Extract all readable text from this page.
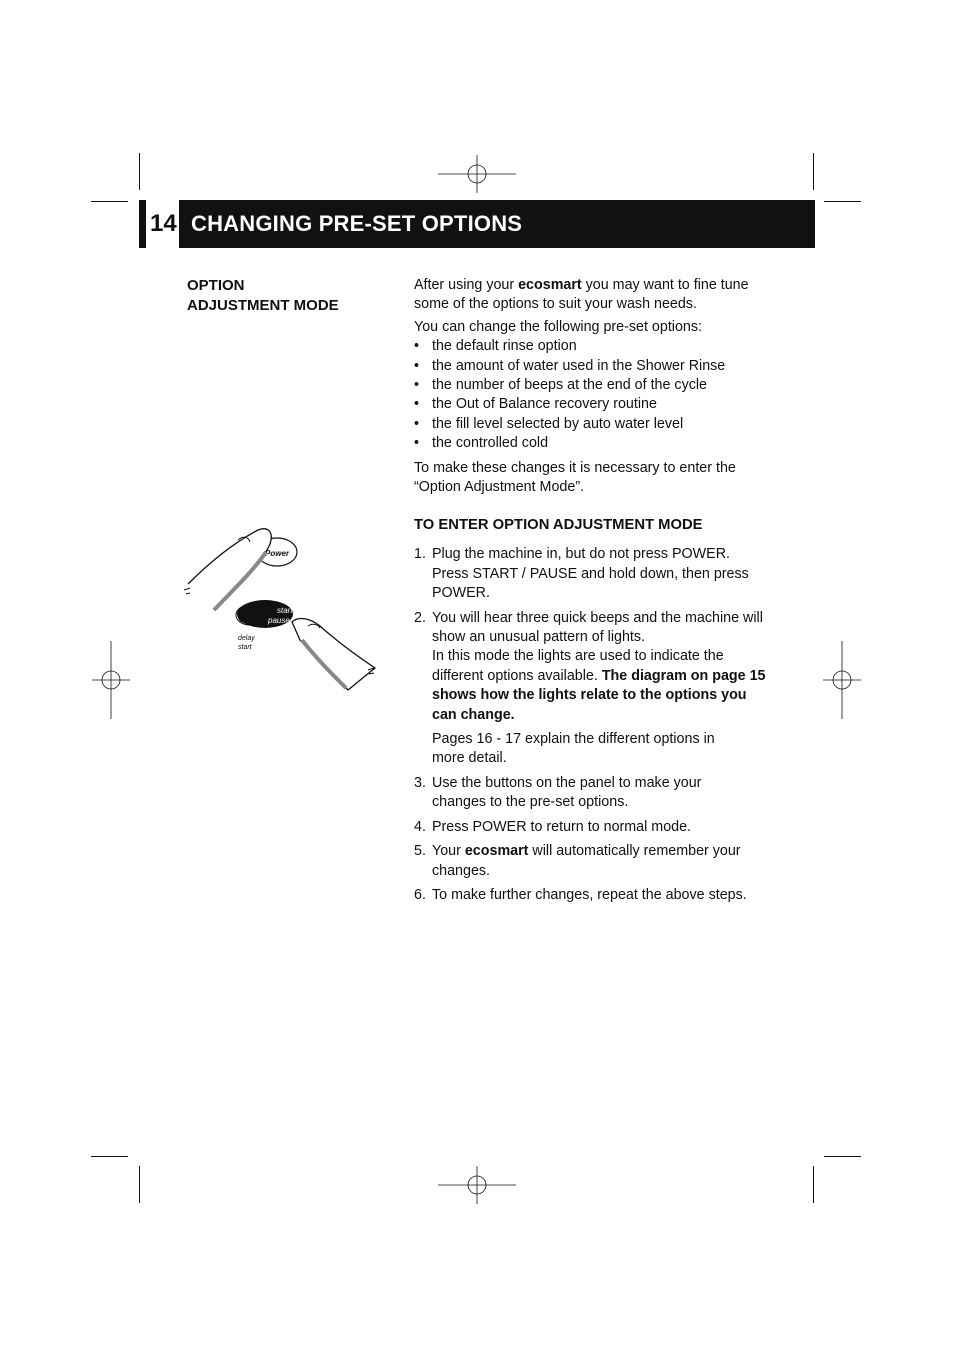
14 CHANGING PRE-SET OPTIONS
OPTION
ADJUSTMENT MODE

After using your ecosmart you may want to fine tune some of the options to suit your wash needs.

You can change the following pre-set options:

• the default rinse option
• the amount of water used in the Shower Rinse
• the number of beeps at the end of the cycle
• the Out of Balance recovery routine
• the fill level selected by auto water level
• the controlled cold

To make these changes it is necessary to enter the “Option Adjustment Mode”.

TO ENTER OPTION ADJUSTMENT MODE

1. Plug the machine in, but do not press POWER. Press START / PAUSE and hold down, then press POWER.
2. You will hear three quick beeps and the machine will show an unusual pattern of lights.
In this mode the lights are used to indicate the different options available. The diagram on page 15 shows how the lights relate to the options you can change.
Pages 16 - 17 explain the different options in more detail.
3. Use the buttons on the panel to make your changes to the pre-set options.
4. Press POWER to return to normal mode.
5. Your ecosmart will automatically remember your changes.
6. To make further changes, repeat the above steps.
Power
start
pause
delay
start
